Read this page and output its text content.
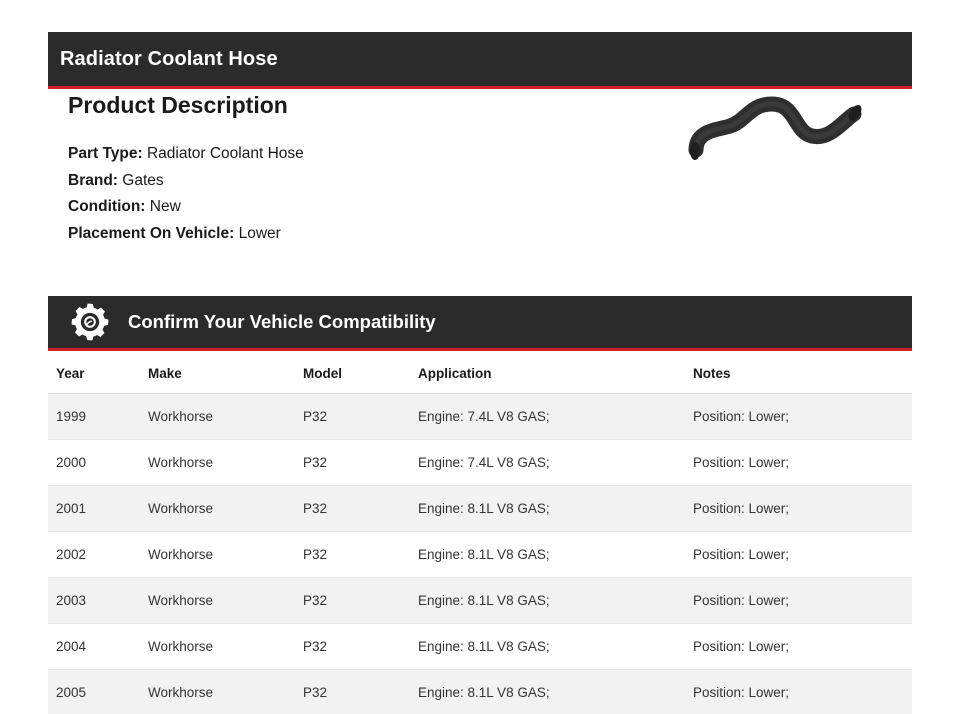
Radiator Coolant Hose
Product Description
Part Type: Radiator Coolant Hose
Brand: Gates
Condition: New
Placement On Vehicle: Lower
Confirm Your Vehicle Compatibility
Year	Make	Model	Application	Notes
1999	Workhorse	P32	Engine: 7.4L V8 GAS;	Position: Lower;
2000	Workhorse	P32	Engine: 7.4L V8 GAS;	Position: Lower;
2001	Workhorse	P32	Engine: 8.1L V8 GAS;	Position: Lower;
2002	Workhorse	P32	Engine: 8.1L V8 GAS;	Position: Lower;
2003	Workhorse	P32	Engine: 8.1L V8 GAS;	Position: Lower;
2004	Workhorse	P32	Engine: 8.1L V8 GAS;	Position: Lower;
2005	Workhorse	P32	Engine: 8.1L V8 GAS;	Position: Lower;
